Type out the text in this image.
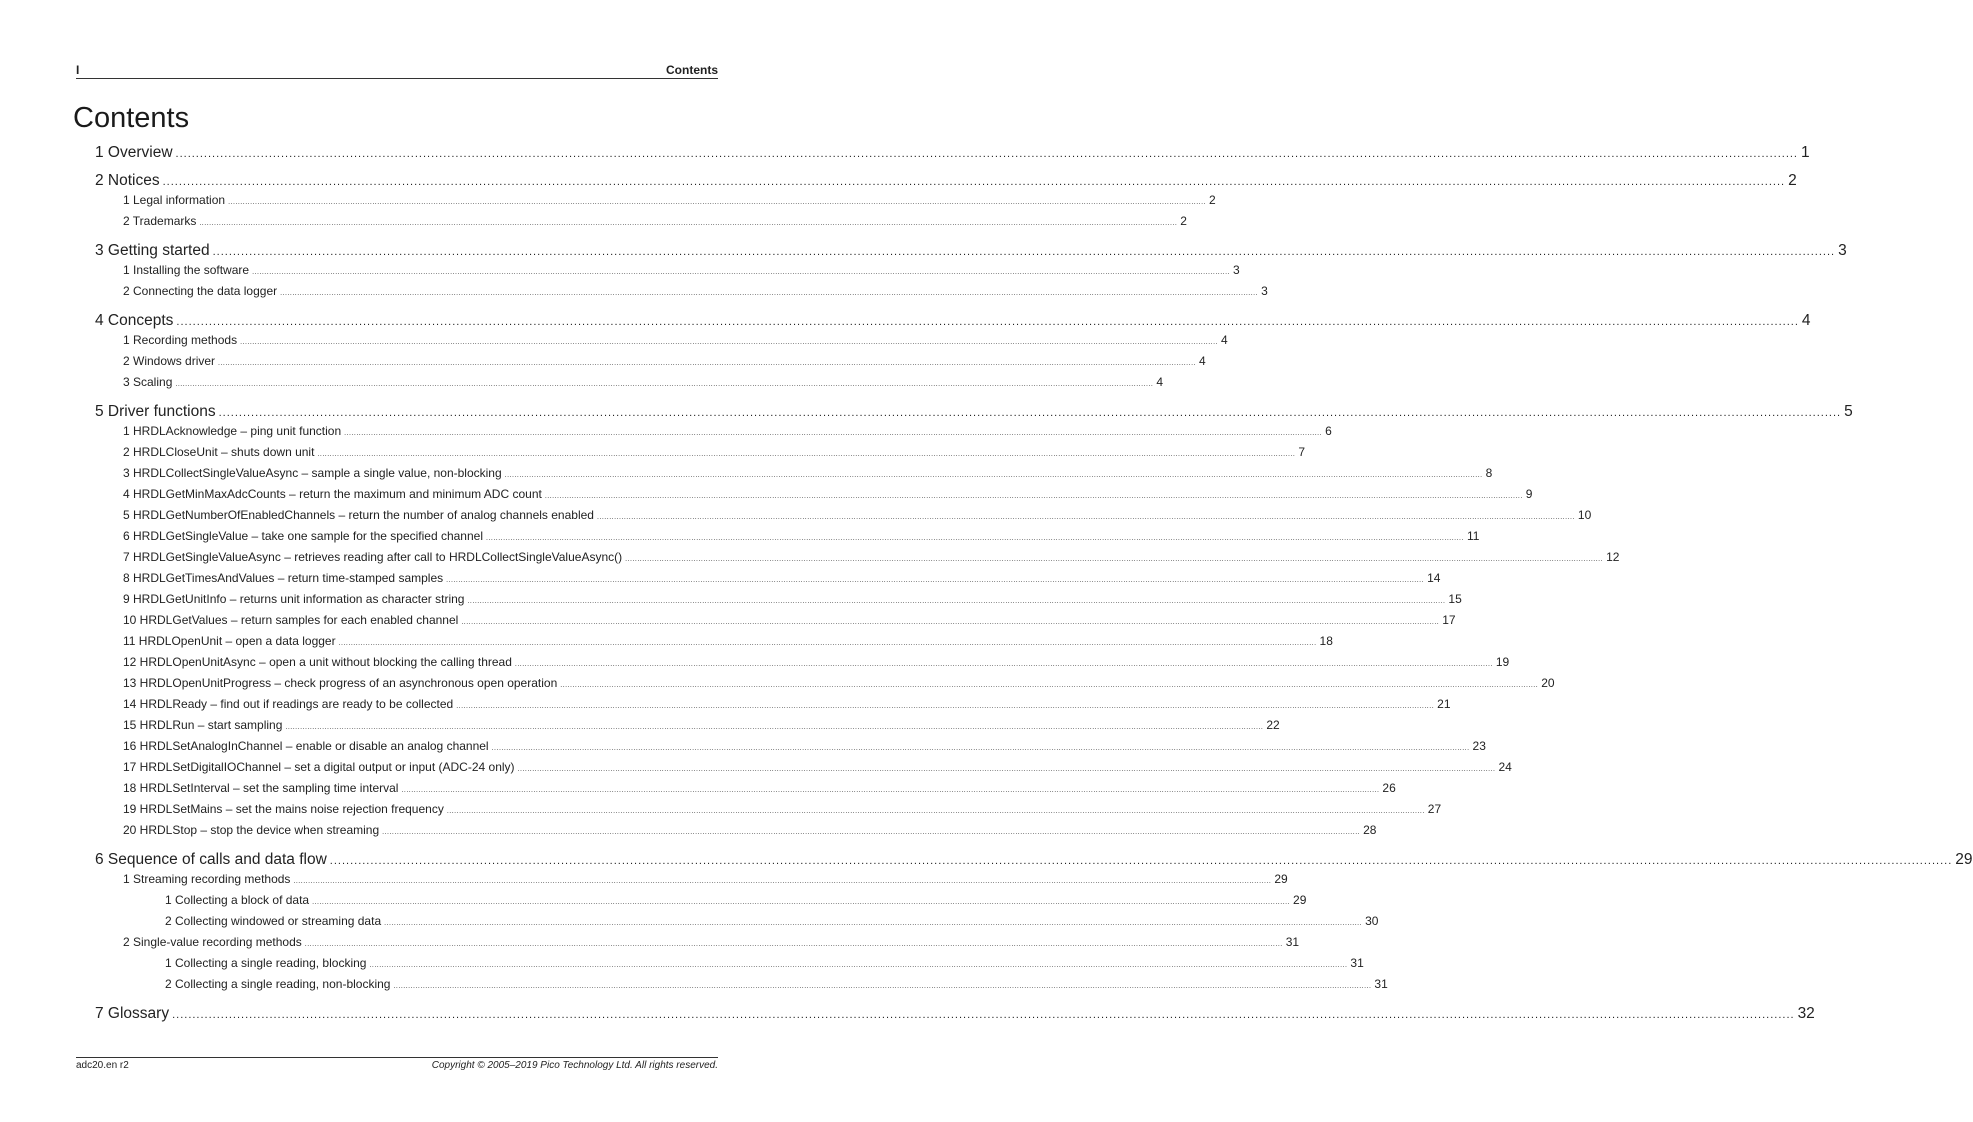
I	Contents
Contents
1 Overview ................................................................................................................................................................................................................................................................................................................................................................................................................ 1
2 Notices ................................................................................................................................................................................................................................................................................................................................................................................................................ 2
1 Legal information ................................................................................................................................................................................................................................................................................................................................................................................................................ 2
2 Trademarks ................................................................................................................................................................................................................................................................................................................................................................................................................ 2
3 Getting started ................................................................................................................................................................................................................................................................................................................................................................................................................ 3
1 Installing the software ................................................................................................................................................................................................................................................................................................................................................................................................................ 3
2 Connecting the data logger ................................................................................................................................................................................................................................................................................................................................................................................................................ 3
4 Concepts ................................................................................................................................................................................................................................................................................................................................................................................................................ 4
1 Recording methods ................................................................................................................................................................................................................................................................................................................................................................................................................ 4
2 Windows driver ................................................................................................................................................................................................................................................................................................................................................................................................................ 4
3 Scaling ................................................................................................................................................................................................................................................................................................................................................................................................................ 4
5 Driver functions ................................................................................................................................................................................................................................................................................................................................................................................................................ 5
1 HRDLAcknowledge – ping unit function ................................................................................................................................................................................................................................................................................................................................................................................................................ 6
2 HRDLCloseUnit – shuts down unit ................................................................................................................................................................................................................................................................................................................................................................................................................ 7
3 HRDLCollectSingleValueAsync – sample a single value, non-blocking ................................................................................................................................................................................................................................................................................................................................................................................................................ 8
4 HRDLGetMinMaxAdcCounts – return the maximum and minimum ADC count ................................................................................................................................................................................................................................................................................................................................................................................................................ 9
5 HRDLGetNumberOfEnabledChannels – return the number of analog channels enabled ................................................................................................................................................................................................................................................................................................................................................................................................................ 10
6 HRDLGetSingleValue – take one sample for the specified channel ................................................................................................................................................................................................................................................................................................................................................................................................................ 11
7 HRDLGetSingleValueAsync – retrieves reading after call to HRDLCollectSingleValueAsync() ................................................................................................................................................................................................................................................................................................................................................................................................................ 12
8 HRDLGetTimesAndValues – return time-stamped samples ................................................................................................................................................................................................................................................................................................................................................................................................................ 14
9 HRDLGetUnitInfo – returns unit information as character string ................................................................................................................................................................................................................................................................................................................................................................................................................ 15
10 HRDLGetValues – return samples for each enabled channel ................................................................................................................................................................................................................................................................................................................................................................................................................ 17
11 HRDLOpenUnit – open a data logger ................................................................................................................................................................................................................................................................................................................................................................................................................ 18
12 HRDLOpenUnitAsync – open a unit without blocking the calling thread ................................................................................................................................................................................................................................................................................................................................................................................................................ 19
13 HRDLOpenUnitProgress – check progress of an asynchronous open operation ................................................................................................................................................................................................................................................................................................................................................................................................................ 20
14 HRDLReady – find out if readings are ready to be collected ................................................................................................................................................................................................................................................................................................................................................................................................................ 21
15 HRDLRun – start sampling ................................................................................................................................................................................................................................................................................................................................................................................................................ 22
16 HRDLSetAnalogInChannel – enable or disable an analog channel ................................................................................................................................................................................................................................................................................................................................................................................................................ 23
17 HRDLSetDigitalIOChannel – set a digital output or input (ADC-24 only) ................................................................................................................................................................................................................................................................................................................................................................................................................ 24
18 HRDLSetInterval – set the sampling time interval ................................................................................................................................................................................................................................................................................................................................................................................................................ 26
19 HRDLSetMains – set the mains noise rejection frequency ................................................................................................................................................................................................................................................................................................................................................................................................................ 27
20 HRDLStop – stop the device when streaming ................................................................................................................................................................................................................................................................................................................................................................................................................ 28
6 Sequence of calls and data flow ................................................................................................................................................................................................................................................................................................................................................................................................................ 29
1 Streaming recording methods ................................................................................................................................................................................................................................................................................................................................................................................................................ 29
1 Collecting a block of data ................................................................................................................................................................................................................................................................................................................................................................................................................ 29
2 Collecting windowed or streaming data ................................................................................................................................................................................................................................................................................................................................................................................................................ 30
2 Single-value recording methods ................................................................................................................................................................................................................................................................................................................................................................................................................ 31
1 Collecting a single reading, blocking ................................................................................................................................................................................................................................................................................................................................................................................................................ 31
2 Collecting a single reading, non-blocking ................................................................................................................................................................................................................................................................................................................................................................................................................ 31
7 Glossary ................................................................................................................................................................................................................................................................................................................................................................................................................ 32
adc20.en r2	Copyright © 2005–2019 Pico Technology Ltd. All rights reserved.
